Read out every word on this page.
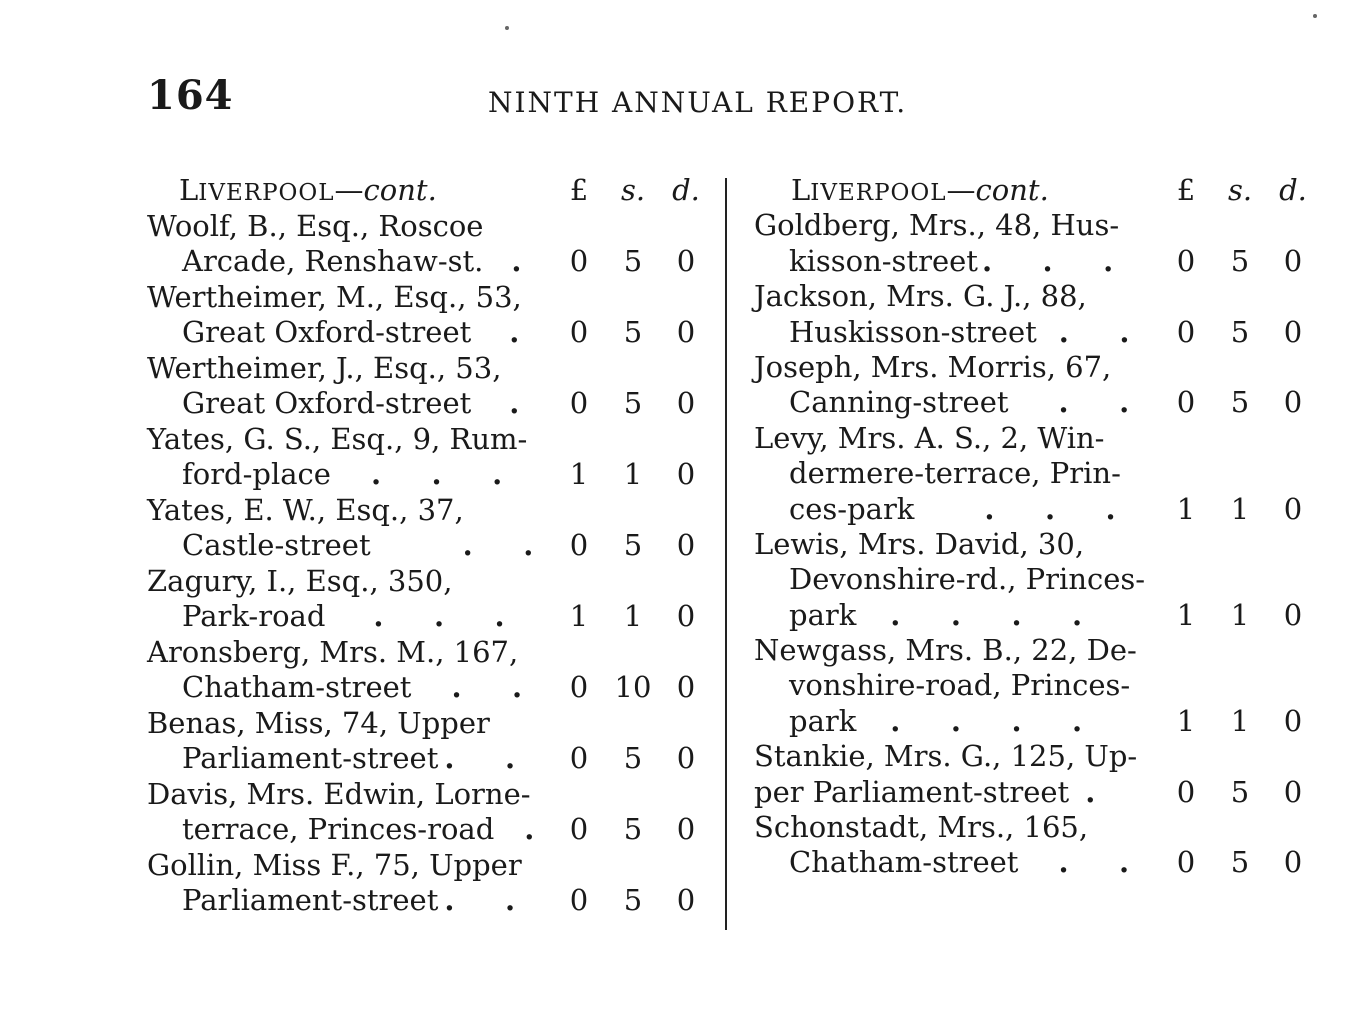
164	NINTH ANNUAL REPORT.
LIVERPOOL—cont.	£	s. d.
Woolf, B., Esq., Roscoe
Arcade, Renshaw-st. .	0	5	0
Wertheimer, M., Esq., 53,
Great Oxford-street .	0	5	0
Wertheimer, J., Esq., 53,
Great Oxford-street .	0	5	0
Yates, G. S., Esq., 9, Rum-
ford-place .     .     .	1	1	0
Yates, E. W., Esq., 37,
Castle-street	.     .	0	5	0
Zagury, I., Esq., 350,
Park-road .     .     .	1	1	0
Aronsberg, Mrs. M., 167,
Chatham-street .     .	0 10 0
Benas, Miss, 74, Upper
Parliament-street .     .	0	5	0
Davis, Mrs. Edwin, Lorne-
terrace, Princes-road .	0	5	0
Gollin, Miss F., 75, Upper
Parliament-street .     .	0	5	0
LIVERPOOL—cont.	£	s. d.
Goldberg, Mrs., 48, Hus-
kisson-street .     .     .	0	5	0
Jackson, Mrs. G. J., 88,
Huskisson-street .     .	0	5	0
Joseph, Mrs. Morris, 67,
Canning-street .     .	0	5	0
Levy, Mrs. A. S., 2, Win-
dermere-terrace, Prin-
ces-park .     .     .	1	1	0
Lewis, Mrs. David, 30,
Devonshire-rd., Princes-
park .     .     .     .	1	1	0
Newgass, Mrs. B., 22, De-
vonshire-road, Princes-
park .     .     .     .	1	1	0
Stankie, Mrs. G., 125, Up-
per Parliament-street .	0	5	0
Schonstadt, Mrs., 165,
Chatham-street .     .	0	5	0
